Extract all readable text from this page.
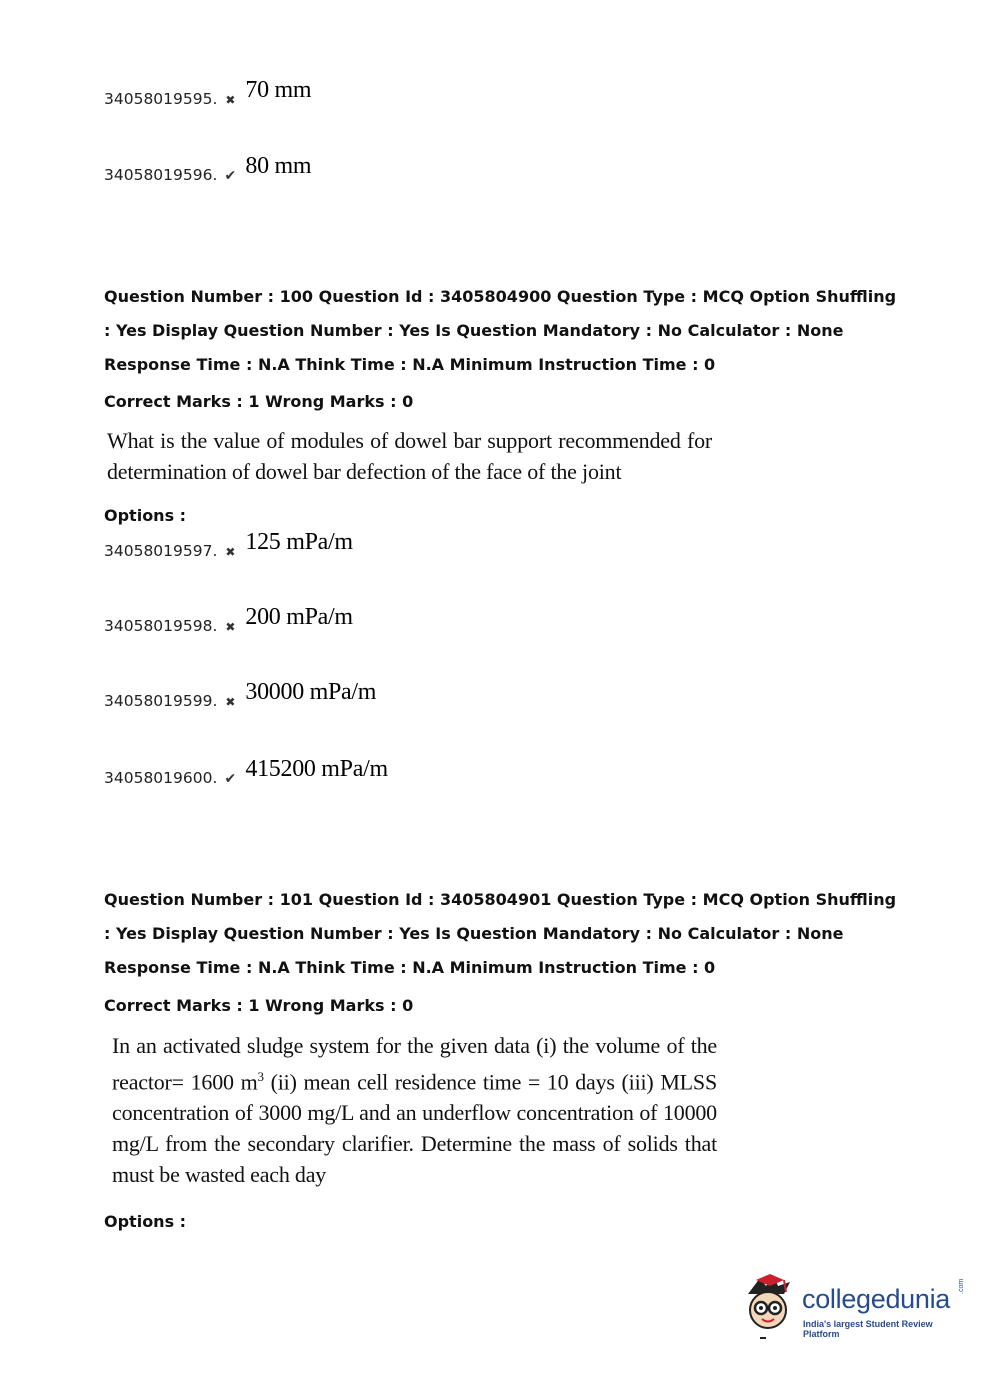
34058019595. ✖ 70 mm
34058019596. ✔ 80 mm
Question Number : 100 Question Id : 3405804900 Question Type : MCQ Option Shuffling : Yes Display Question Number : Yes Is Question Mandatory : No Calculator : None Response Time : N.A Think Time : N.A Minimum Instruction Time : 0
Correct Marks : 1 Wrong Marks : 0
What is the value of modules of dowel bar support recommended for determination of dowel bar defection of the face of the joint
Options :
34058019597. ✖ 125 mPa/m
34058019598. ✖ 200 mPa/m
34058019599. ✖ 30000 mPa/m
34058019600. ✔ 415200 mPa/m
Question Number : 101 Question Id : 3405804901 Question Type : MCQ Option Shuffling : Yes Display Question Number : Yes Is Question Mandatory : No Calculator : None Response Time : N.A Think Time : N.A Minimum Instruction Time : 0
Correct Marks : 1 Wrong Marks : 0
In an activated sludge system for the given data (i) the volume of the reactor= 1600 $m^3$ (ii) mean cell residence time = 10 days (iii) MLSS concentration of 3000 mg/L and an underflow concentration of 10000 mg/L from the secondary clarifier. Determine the mass of solids that must be wasted each day
Options :
collegedunia .com
India's largest Student Review Platform
